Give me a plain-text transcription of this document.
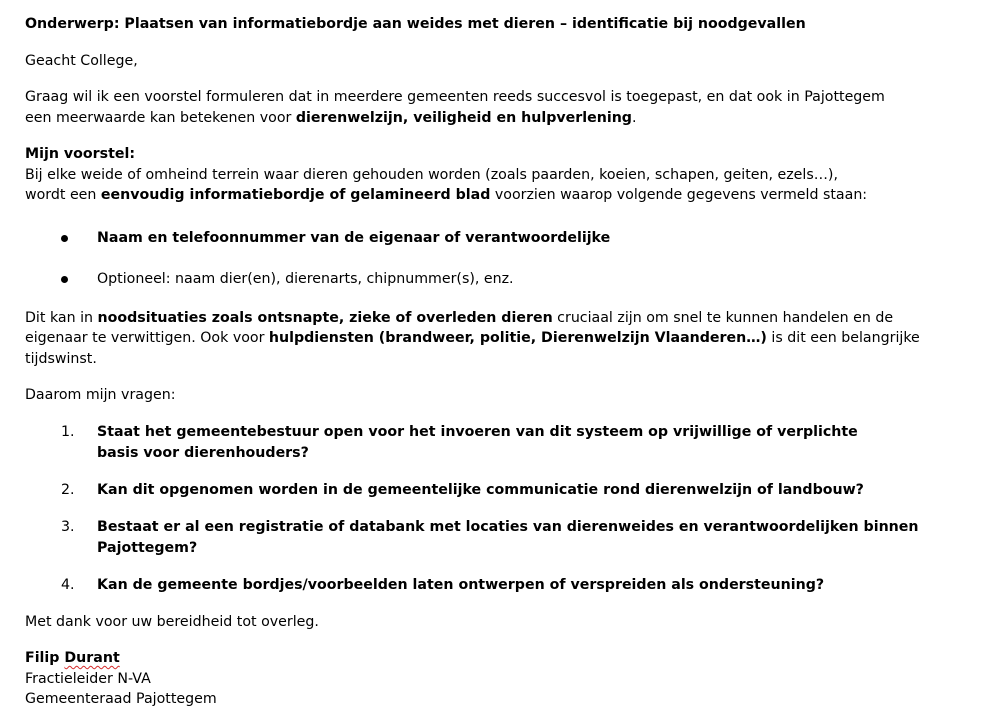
Onderwerp: Plaatsen van informatiebordje aan weides met dieren – identificatie bij noodgevallen

Geacht College,

Graag wil ik een voorstel formuleren dat in meerdere gemeenten reeds succesvol is toegepast, en dat ook in Pajottegem een meerwaarde kan betekenen voor dierenwelzijn, veiligheid en hulpverlening.

Mijn voorstel:

Bij elke weide of omheind terrein waar dieren gehouden worden (zoals paarden, koeien, schapen, geiten, ezels…), wordt een eenvoudig informatiebordje of gelamineerd blad voorzien waarop volgende gegevens vermeld staan:

Naam en telefoonnummer van de eigenaar of verantwoordelijke
Optioneel: naam dier(en), dierenarts, chipnummer(s), enz.

Dit kan in noodsituaties zoals ontsnapte, zieke of overleden dieren cruciaal zijn om snel te kunnen handelen en de eigenaar te verwittigen. Ook voor hulpdiensten (brandweer, politie, Dierenwelzijn Vlaanderen…) is dit een belangrijke tijdswinst.

Daarom mijn vragen:

1. Staat het gemeentebestuur open voor het invoeren van dit systeem op vrijwillige of verplichte basis voor dierenhouders?
2. Kan dit opgenomen worden in de gemeentelijke communicatie rond dierenwelzijn of landbouw?
3. Bestaat er al een registratie of databank met locaties van dierenweides en verantwoordelijken binnen Pajottegem?
4. Kan de gemeente bordjes/voorbeelden laten ontwerpen of verspreiden als ondersteuning?

Met dank voor uw bereidheid tot overleg.

Filip Durant

Fractieleider N-VA

Gemeenteraad Pajottegem
